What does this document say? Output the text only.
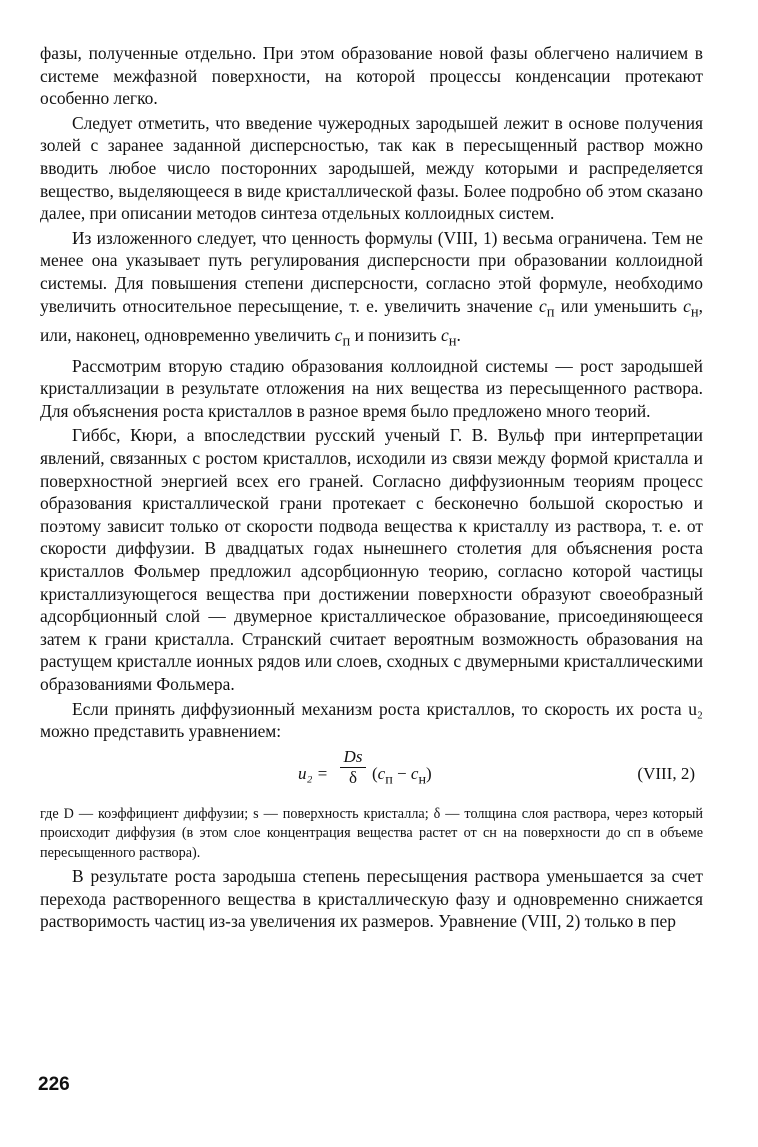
фазы, полученные отдельно. При этом образование новой фазы облегчено наличием в системе межфазной поверхности, на которой процессы конденсации протекают особенно легко.

Следует отметить, что введение чужеродных зародышей лежит в основе получения золей с заранее заданной дисперсностью, так как в пересыщенный раствор можно вводить любое число посторонних зародышей, между которыми и распределяется вещество, выделяющееся в виде кристаллической фазы. Более подробно об этом сказано далее, при описании методов синтеза отдельных коллоидных систем.

Из изложенного следует, что ценность формулы (VIII, 1) весьма ограничена. Тем не менее она указывает путь регулирования дисперсности при образовании коллоидной системы. Для повышения степени дисперсности, согласно этой формуле, необходимо увеличить относительное пересыщение, т. е. увеличить значение $c_п$ или уменьшить $c_н$, или, наконец, одновременно увеличить $c_п$ и понизить $c_н$.

Рассмотрим вторую стадию образования коллоидной системы — рост зародышей кристаллизации в результате отложения на них вещества из пересыщенного раствора. Для объяснения роста кристаллов в разное время было предложено много теорий.

Гиббс, Кюри, а впоследствии русский ученый Г. В. Вульф при интерпретации явлений, связанных с ростом кристаллов, исходили из связи между формой кристалла и поверхностной энергией всех его граней. Согласно диффузионным теориям процесс образования кристаллической грани протекает с бесконечно большой скоростью и поэтому зависит только от скорости подвода вещества к кристаллу из раствора, т. е. от скорости диффузии. В двадцатых годах нынешнего столетия для объяснения роста кристаллов Фольмер предложил адсорбционную теорию, согласно которой частицы кристаллизующегося вещества при достижении поверхности образуют своеобразный адсорбционный слой — двумерное кристаллическое образование, присоединяющееся затем к грани кристалла. Странский считает вероятным возможность образования на растущем кристалле ионных рядов или слоев, сходных с двумерными кристаллическими образованиями Фольмера.

Если принять диффузионный механизм роста кристаллов, то скорость их роста u₂ можно представить уравнением:

$u_2 = \frac{Ds}{\delta} (c_п - c_н)$	(VIII, 2)

где D — коэффициент диффузии; s — поверхность кристалла; δ — толщина слоя раствора, через который происходит диффузия (в этом слое концентрация вещества растет от cн на поверхности до cп в объеме пересыщенного раствора).

В результате роста зародыша степень пересыщения раствора уменьшается за счет перехода растворенного вещества в кристаллическую фазу и одновременно снижается растворимость частиц из-за увеличения их размеров. Уравнение (VIII, 2) только в пер

226
